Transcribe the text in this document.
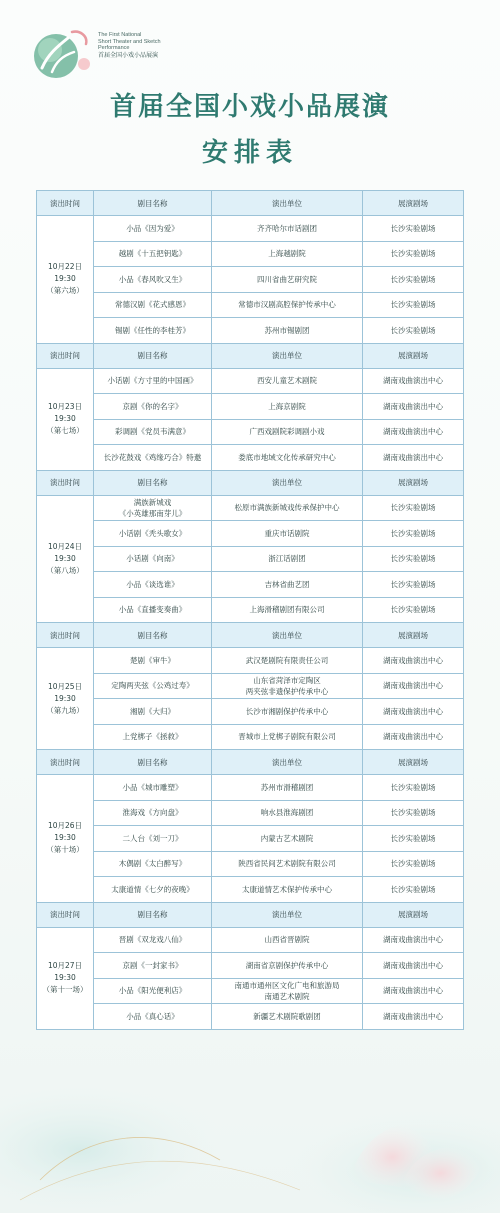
The First National
Short Theater and Sketch
Performance
首届全国小戏小品展演
首届全国小戏小品展演
安排表
演出时间	剧目名称	演出单位	展演剧场
10月22日
19:30
（第六场）	小品《因为爱》	齐齐哈尔市话剧团	长沙实验剧场
	越剧《十五把钥匙》	上海越剧院	长沙实验剧场
	小品《春风吹又生》	四川省曲艺研究院	长沙实验剧场
	常德汉剧《花式感恩》	常德市汉剧高腔保护传承中心	长沙实验剧场
	锡剧《任性的李桂芳》	苏州市锡剧团	长沙实验剧场
演出时间	剧目名称	演出单位	展演剧场
10月23日
19:30
（第七场）	小话剧《方寸里的中国画》	西安儿童艺术剧院	湖南戏曲演出中心
	京剧《你的名字》	上海京剧院	湖南戏曲演出中心
	彩调剧《党员韦满意》	广西戏剧院彩调剧小戏	湖南戏曲演出中心
	长沙花鼓戏《鸡缘巧合》特邀	娄底市地域文化传承研究中心	湖南戏曲演出中心
演出时间	剧目名称	演出单位	展演剧场
10月24日
19:30
（第八场）	满族新城戏
《小英雄那南芽儿》	松原市满族新城戏传承保护中心	长沙实验剧场
	小话剧《秃头歌女》	重庆市话剧院	长沙实验剧场
	小话剧《向南》	浙江话剧团	长沙实验剧场
	小品《谈选谁》	吉林省曲艺团	长沙实验剧场
	小品《直播变奏曲》	上海滑稽剧团有限公司	长沙实验剧场
演出时间	剧目名称	演出单位	展演剧场
10月25日
19:30
（第九场）	楚剧《审牛》	武汉楚剧院有限责任公司	湖南戏曲演出中心
	定陶两夹弦《公鸡过寿》	山东省菏泽市定陶区
两夹弦非遗保护传承中心	湖南戏曲演出中心
	湘剧《大归》	长沙市湘剧保护传承中心	湖南戏曲演出中心
	上党梆子《拯救》	晋城市上党梆子剧院有限公司	湖南戏曲演出中心
演出时间	剧目名称	演出单位	展演剧场
10月26日
19:30
（第十场）	小品《城市雕塑》	苏州市滑稽剧团	长沙实验剧场
	淮海戏《方向盘》	响水县淮海剧团	长沙实验剧场
	二人台《刘一刀》	内蒙古艺术剧院	长沙实验剧场
	木偶剧《太白醉写》	陕西省民间艺术剧院有限公司	长沙实验剧场
	太康道情《七夕的夜晚》	太康道情艺术保护传承中心	长沙实验剧场
演出时间	剧目名称	演出单位	展演剧场
10月27日
19:30
（第十一场）	晋剧《双龙戏八仙》	山西省晋剧院	湖南戏曲演出中心
	京剧《一封家书》	湖南省京剧保护传承中心	湖南戏曲演出中心
	小品《阳光便利店》	南通市通州区文化广电和旅游局
南通艺术剧院	湖南戏曲演出中心
	小品《真心话》	新疆艺术剧院歌剧团	湖南戏曲演出中心
